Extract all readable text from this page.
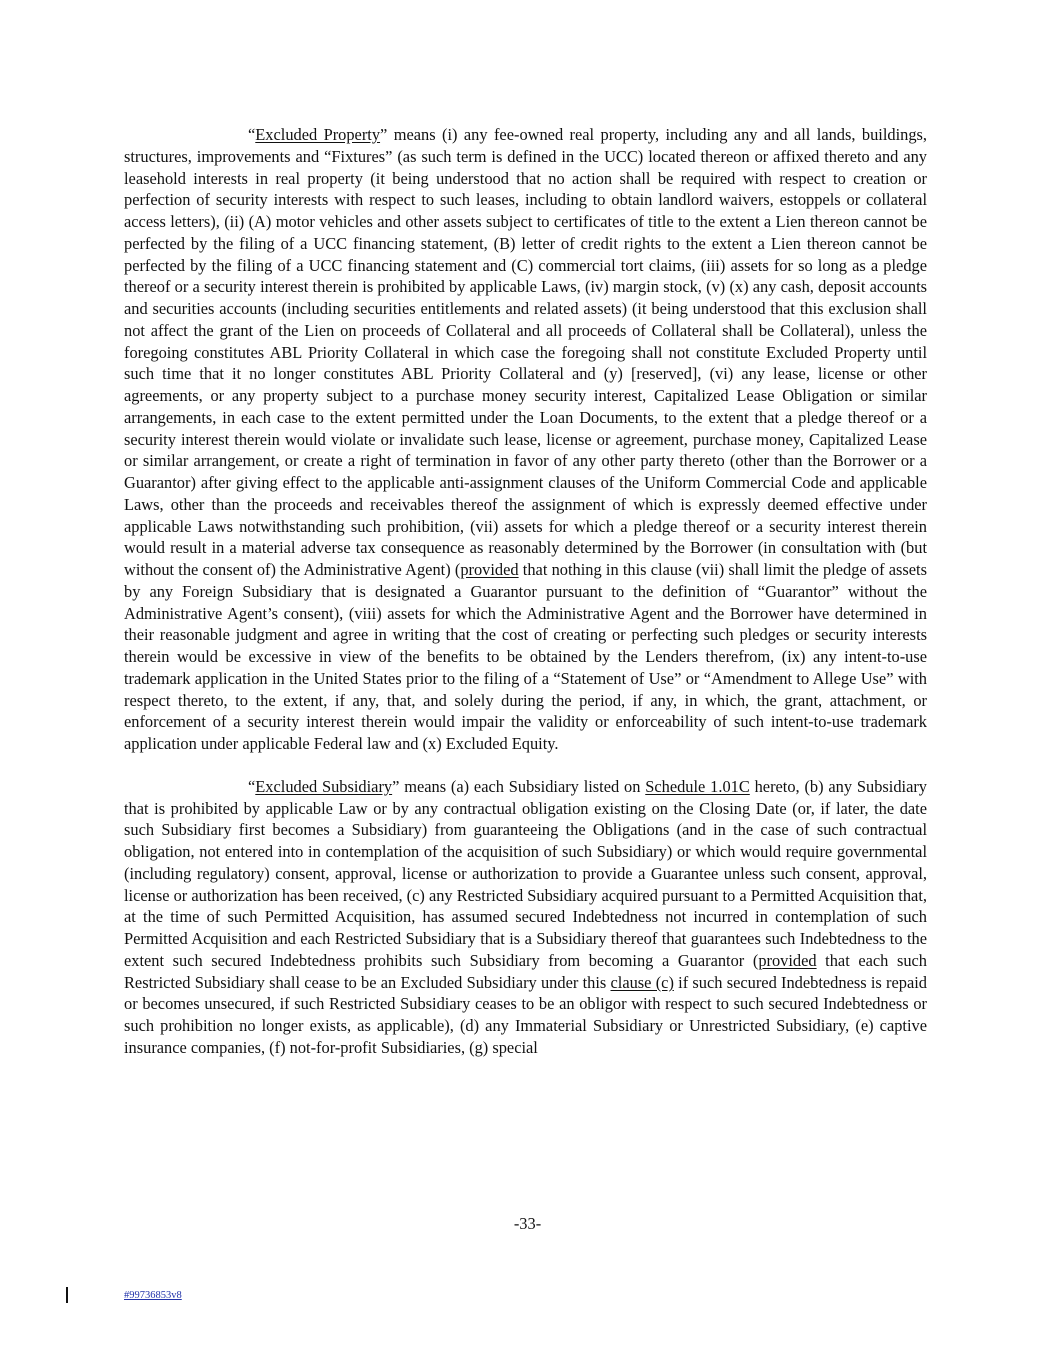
“Excluded Property” means (i) any fee-owned real property, including any and all lands, buildings, structures, improvements and “Fixtures” (as such term is defined in the UCC) located thereon or affixed thereto and any leasehold interests in real property (it being understood that no action shall be required with respect to creation or perfection of security interests with respect to such leases, including to obtain landlord waivers, estoppels or collateral access letters), (ii) (A) motor vehicles and other assets subject to certificates of title to the extent a Lien thereon cannot be perfected by the filing of a UCC financing statement, (B) letter of credit rights to the extent a Lien thereon cannot be perfected by the filing of a UCC financing statement and (C) commercial tort claims, (iii) assets for so long as a pledge thereof or a security interest therein is prohibited by applicable Laws, (iv) margin stock, (v) (x) any cash, deposit accounts and securities accounts (including securities entitlements and related assets) (it being understood that this exclusion shall not affect the grant of the Lien on proceeds of Collateral and all proceeds of Collateral shall be Collateral), unless the foregoing constitutes ABL Priority Collateral in which case the foregoing shall not constitute Excluded Property until such time that it no longer constitutes ABL Priority Collateral and (y) [reserved], (vi) any lease, license or other agreements, or any property subject to a purchase money security interest, Capitalized Lease Obligation or similar arrangements, in each case to the extent permitted under the Loan Documents, to the extent that a pledge thereof or a security interest therein would violate or invalidate such lease, license or agreement, purchase money, Capitalized Lease or similar arrangement, or create a right of termination in favor of any other party thereto (other than the Borrower or a Guarantor) after giving effect to the applicable anti-assignment clauses of the Uniform Commercial Code and applicable Laws, other than the proceeds and receivables thereof the assignment of which is expressly deemed effective under applicable Laws notwithstanding such prohibition, (vii) assets for which a pledge thereof or a security interest therein would result in a material adverse tax consequence as reasonably determined by the Borrower (in consultation with (but without the consent of) the Administrative Agent) (provided that nothing in this clause (vii) shall limit the pledge of assets by any Foreign Subsidiary that is designated a Guarantor pursuant to the definition of “Guarantor” without the Administrative Agent’s consent), (viii) assets for which the Administrative Agent and the Borrower have determined in their reasonable judgment and agree in writing that the cost of creating or perfecting such pledges or security interests therein would be excessive in view of the benefits to be obtained by the Lenders therefrom, (ix) any intent-to-use trademark application in the United States prior to the filing of a “Statement of Use” or “Amendment to Allege Use” with respect thereto, to the extent, if any, that, and solely during the period, if any, in which, the grant, attachment, or enforcement of a security interest therein would impair the validity or enforceability of such intent-to-use trademark application under applicable Federal law and (x) Excluded Equity.

“Excluded Subsidiary” means (a) each Subsidiary listed on Schedule 1.01C hereto, (b) any Subsidiary that is prohibited by applicable Law or by any contractual obligation existing on the Closing Date (or, if later, the date such Subsidiary first becomes a Subsidiary) from guaranteeing the Obligations (and in the case of such contractual obligation, not entered into in contemplation of the acquisition of such Subsidiary) or which would require governmental (including regulatory) consent, approval, license or authorization to provide a Guarantee unless such consent, approval, license or authorization has been received, (c) any Restricted Subsidiary acquired pursuant to a Permitted Acquisition that, at the time of such Permitted Acquisition, has assumed secured Indebtedness not incurred in contemplation of such Permitted Acquisition and each Restricted Subsidiary that is a Subsidiary thereof that guarantees such Indebtedness to the extent such secured Indebtedness prohibits such Subsidiary from becoming a Guarantor (provided that each such Restricted Subsidiary shall cease to be an Excluded Subsidiary under this clause (c) if such secured Indebtedness is repaid or becomes unsecured, if such Restricted Subsidiary ceases to be an obligor with respect to such secured Indebtedness or such prohibition no longer exists, as applicable), (d) any Immaterial Subsidiary or Unrestricted Subsidiary, (e) captive insurance companies, (f) not-for-profit Subsidiaries, (g) special

-33-
#99736853v8
